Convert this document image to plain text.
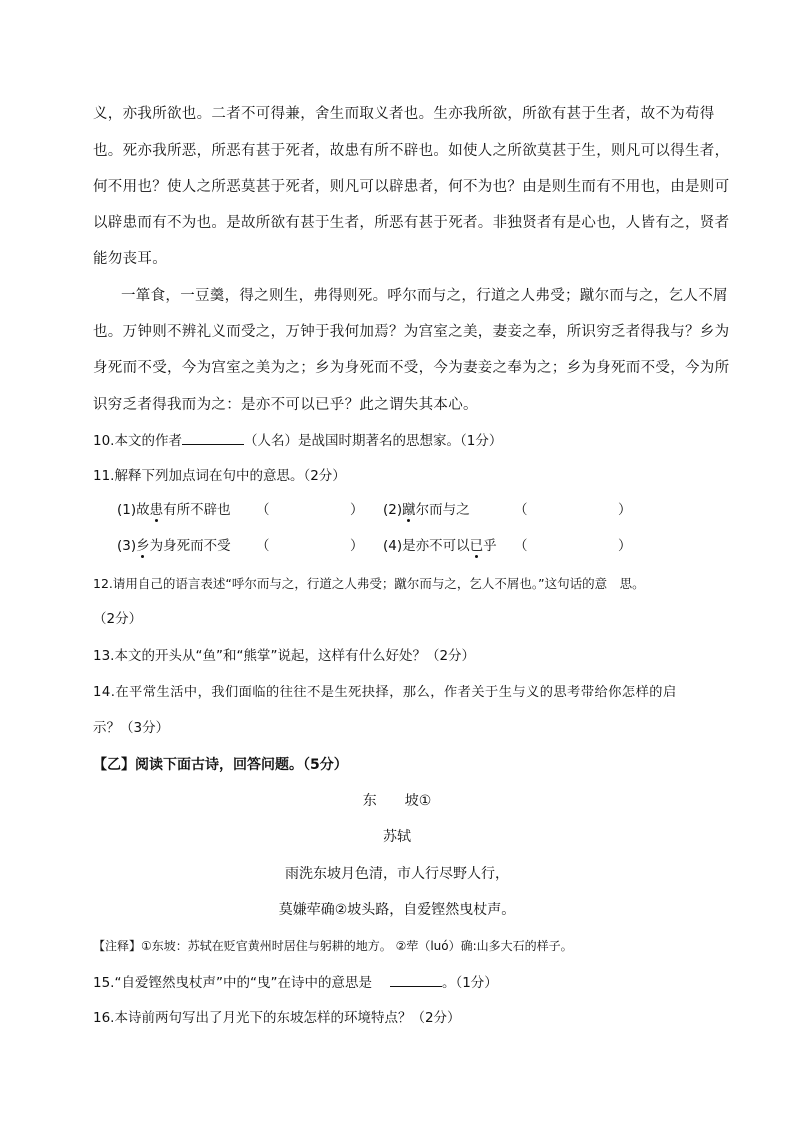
义，亦我所欲也。二者不可得兼，舍生而取义者也。生亦我所欲，所欲有甚于生者，故不为苟得
也。死亦我所恶，所恶有甚于死者，故患有所不辟也。如使人之所欲莫甚于生，则凡可以得生者，
何不用也？使人之所恶莫甚于死者，则凡可以辟患者，何不为也？由是则生而有不用也，由是则可
以辟患而有不为也。是故所欲有甚于生者，所恶有甚于死者。非独贤者有是心也，人皆有之，贤者
能勿丧耳。
一箪食，一豆羹，得之则生，弗得则死。呼尔而与之，行道之人弗受；蹴尔而与之，乞人不屑
也。万钟则不辨礼义而受之，万钟于我何加焉？为宫室之美，妻妾之奉，所识穷乏者得我与？乡为
身死而不受，今为宫室之美为之；乡为身死而不受，今为妻妾之奉为之；乡为身死而不受，今为所
识穷乏者得我而为之：是亦不可以已乎？此之谓失其本心。
10.本文的作者	（人名）是战国时期著名的思想家。（1分）
11.解释下列加点词在句中的意思。（2分）
(1)故患有所不辟也 （	） (2)蹴尔而与之	（	）
(3)乡为身死而不受 （	） (4)是亦不可以已乎 （	）
12.请用自己的语言表述“呼尔而与之，行道之人弗受；蹴尔而与之，乞人不屑也。”这句话的意　思。
（2分）
13.本文的开头从“鱼”和“熊掌”说起，这样有什么好处？（2分）
14.在平常生活中，我们面临的往往不是生死抉择，那么，作者关于生与义的思考带给你怎样的启
示？（3分）
【乙】阅读下面古诗，回答问题。（5分）
东　　坡①
苏轼
雨洗东坡月色清，市人行尽野人行，
莫嫌荦确②坡头路，自爱铿然曳杖声。
【注释】①东坡：苏轼在贬官黄州时居住与躬耕的地方。 ②荦（luó）确:山多大石的样子。
15.“自爱铿然曳杖声”中的“曳”在诗中的意思是	。（1分）
16.本诗前两句写出了月光下的东坡怎样的环境特点？（2分）
